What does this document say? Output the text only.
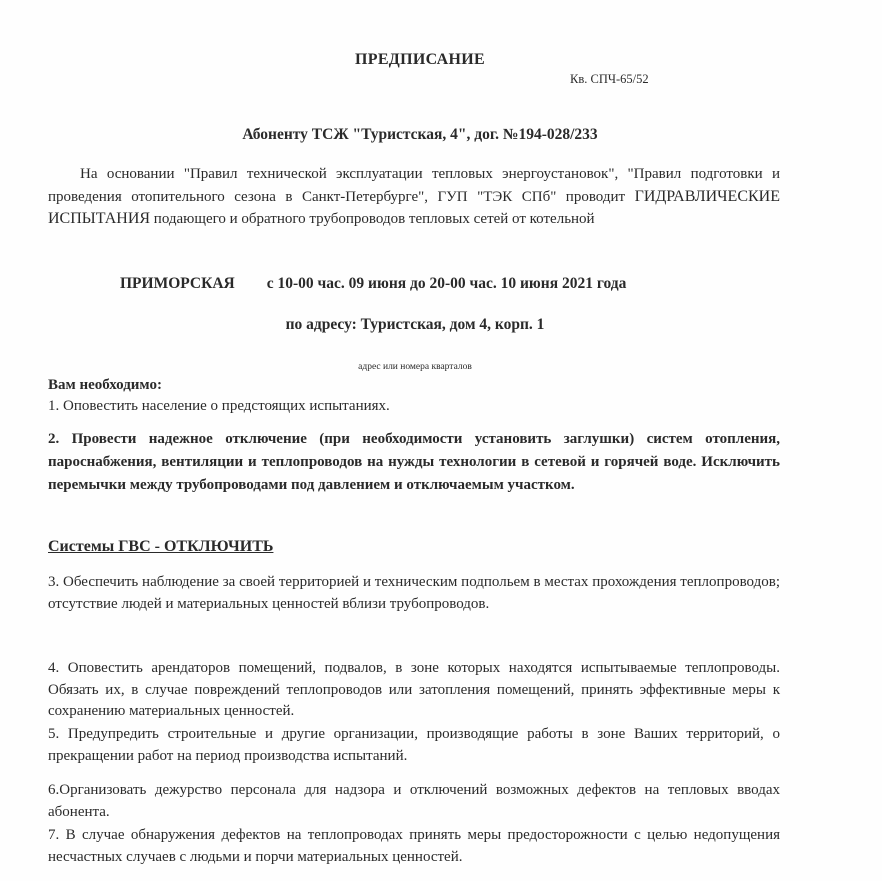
ПРЕДПИСАНИЕ

Кв. СПЧ-65/52

Абоненту ТСЖ "Туристская, 4", дог. №194-028/233

На основании "Правил технической эксплуатации тепловых энергоустановок", "Правил подготовки и проведения отопительного сезона в Санкт-Петербурге", ГУП "ТЭК СПб" проводит ГИДРАВЛИЧЕСКИЕ ИСПЫТАНИЯ подающего и обратного трубопроводов тепловых сетей от котельной

ПРИМОРСКАЯ с 10-00 час. 09 июня до 20-00 час. 10 июня 2021 года

по адресу: Туристская, дом 4, корп. 1

адрес или номера кварталов

Вам необходимо:

1. Оповестить население о предстоящих испытаниях.

2. Провести надежное отключение (при необходимости установить заглушки) систем отопления, пароснабжения, вентиляции и теплопроводов на нужды технологии в сетевой и горячей воде. Исключить перемычки между трубопроводами под давлением и отключаемым участком.

Системы ГВС - ОТКЛЮЧИТЬ

3. Обеспечить наблюдение за своей территорией и техническим подпольем в местах прохождения теплопроводов; отсутствие людей и материальных ценностей вблизи трубопроводов.

4. Оповестить арендаторов помещений, подвалов, в зоне которых находятся испытываемые теплопроводы. Обязать их, в случае повреждений теплопроводов или затопления помещений, принять эффективные меры к сохранению материальных ценностей.

5. Предупредить строительные и другие организации, производящие работы в зоне Ваших территорий, о прекращении работ на период производства испытаний.

6.Организовать дежурство персонала для надзора и отключений возможных дефектов на тепловых вводах абонента.

7. В случае обнаружения дефектов на теплопроводах принять меры предосторожности с целью недопущения несчастных случаев с людьми и порчи материальных ценностей.
